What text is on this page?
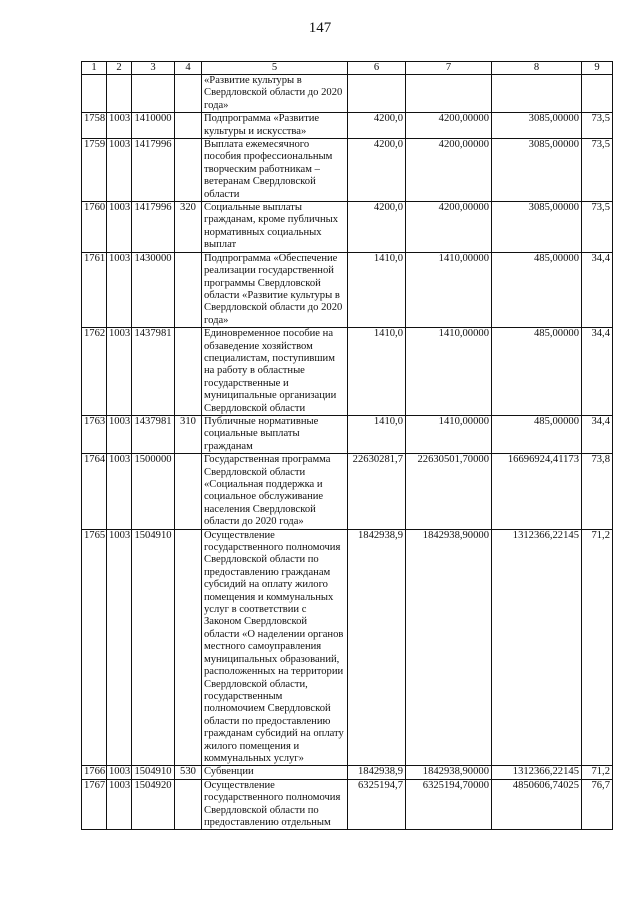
147
1	2	3	4	5	6	7	8	9
				«Развитие культуры в Свердловской области до 2020 года»				
1758	1003	1410000		Подпрограмма «Развитие культуры и искусства»	4200,0	4200,00000	3085,00000	73,5
1759	1003	1417996		Выплата ежемесячного пособия профессиональным творческим работникам – ветеранам Свердловской области	4200,0	4200,00000	3085,00000	73,5
1760	1003	1417996	320	Социальные выплаты гражданам, кроме публичных нормативных социальных выплат	4200,0	4200,00000	3085,00000	73,5
1761	1003	1430000		Подпрограмма «Обеспечение реализации государственной программы Свердловской области «Развитие культуры в Свердловской области до 2020 года»	1410,0	1410,00000	485,00000	34,4
1762	1003	1437981		Единовременное пособие на обзаведение хозяйством специалистам, поступившим на работу в областные государственные и муниципальные организации Свердловской области	1410,0	1410,00000	485,00000	34,4
1763	1003	1437981	310	Публичные нормативные социальные выплаты гражданам	1410,0	1410,00000	485,00000	34,4
1764	1003	1500000		Государственная программа Свердловской области «Социальная поддержка и социальное обслуживание населения Свердловской области до 2020 года»	22630281,7	22630501,70000	16696924,41173	73,8
1765	1003	1504910		Осуществление государственного полномочия Свердловской области по предоставлению гражданам субсидий на оплату жилого помещения и коммунальных услуг в соответствии с Законом Свердловской области «О наделении органов местного самоуправления муниципальных образований, расположенных на территории Свердловской области, государственным полномочием Свердловской области по предоставлению гражданам субсидий на оплату жилого помещения и коммунальных услуг»	1842938,9	1842938,90000	1312366,22145	71,2
1766	1003	1504910	530	Субвенции	1842938,9	1842938,90000	1312366,22145	71,2
1767	1003	1504920		Осуществление государственного полномочия Свердловской области по предоставлению отдельным	6325194,7	6325194,70000	4850606,74025	76,7
